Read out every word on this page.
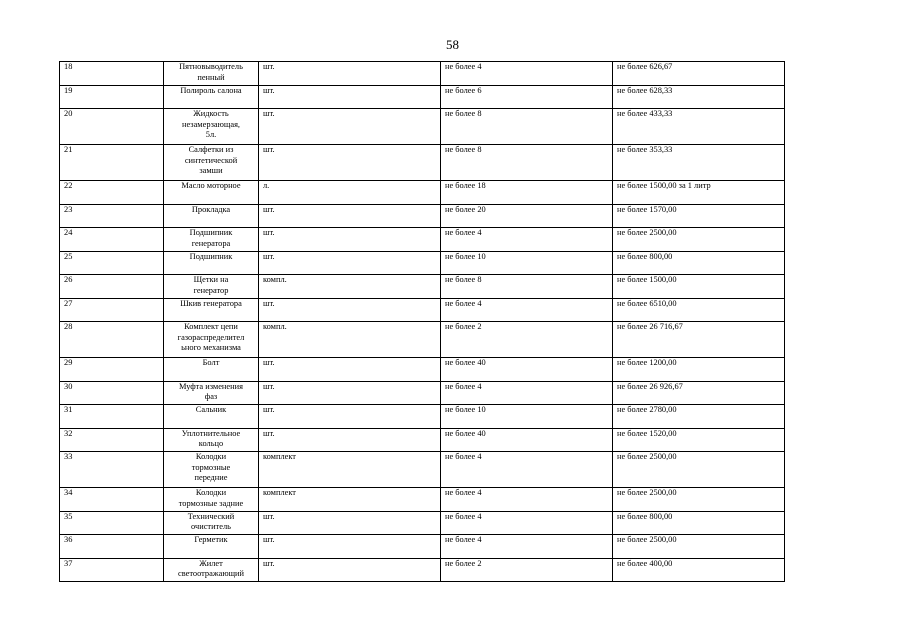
58
18	Пятновыводитель
пенный	шт.	не более 4	не более 626,67
19	Полироль салона	шт.	не более 6	не более 628,33
20	Жидкость
незамерзающая,
5л.	шт.	не более 8	не более 433,33
21	Салфетки из
синтетической
замши	шт.	не более 8	не более 353,33
22	Масло моторное	л.	не более 18	не более 1500,00 за 1 литр
23	Прокладка	шт.	не более 20	не более 1570,00
24	Подшипник
генератора	шт.	не более 4	не более 2500,00
25	Подшипник	шт.	не более 10	не более 800,00
26	Щетки на
генератор	компл.	не более 8	не более 1500,00
27	Шкив генератора	шт.	не более 4	не более 6510,00
28	Комплект цепи
газораспределител
ьного механизма	компл.	не более 2	не более 26 716,67
29	Болт	шт.	не более 40	не более 1200,00
30	Муфта изменения
фаз	шт.	не более 4	не более 26 926,67
31	Сальник	шт.	не более 10	не более 2780,00
32	Уплотнительное
кольцо	шт.	не более 40	не более 1520,00
33	Колодки
тормозные
передние	комплект	не более 4	не более 2500,00
34	Колодки
тормозные задние	комплект	не более 4	не более 2500,00
35	Технический
очиститель	шт.	не более 4	не более 800,00
36	Герметик	шт.	не более 4	не более 2500,00
37	Жилет
светоотражающий	шт.	не более 2	не более 400,00
